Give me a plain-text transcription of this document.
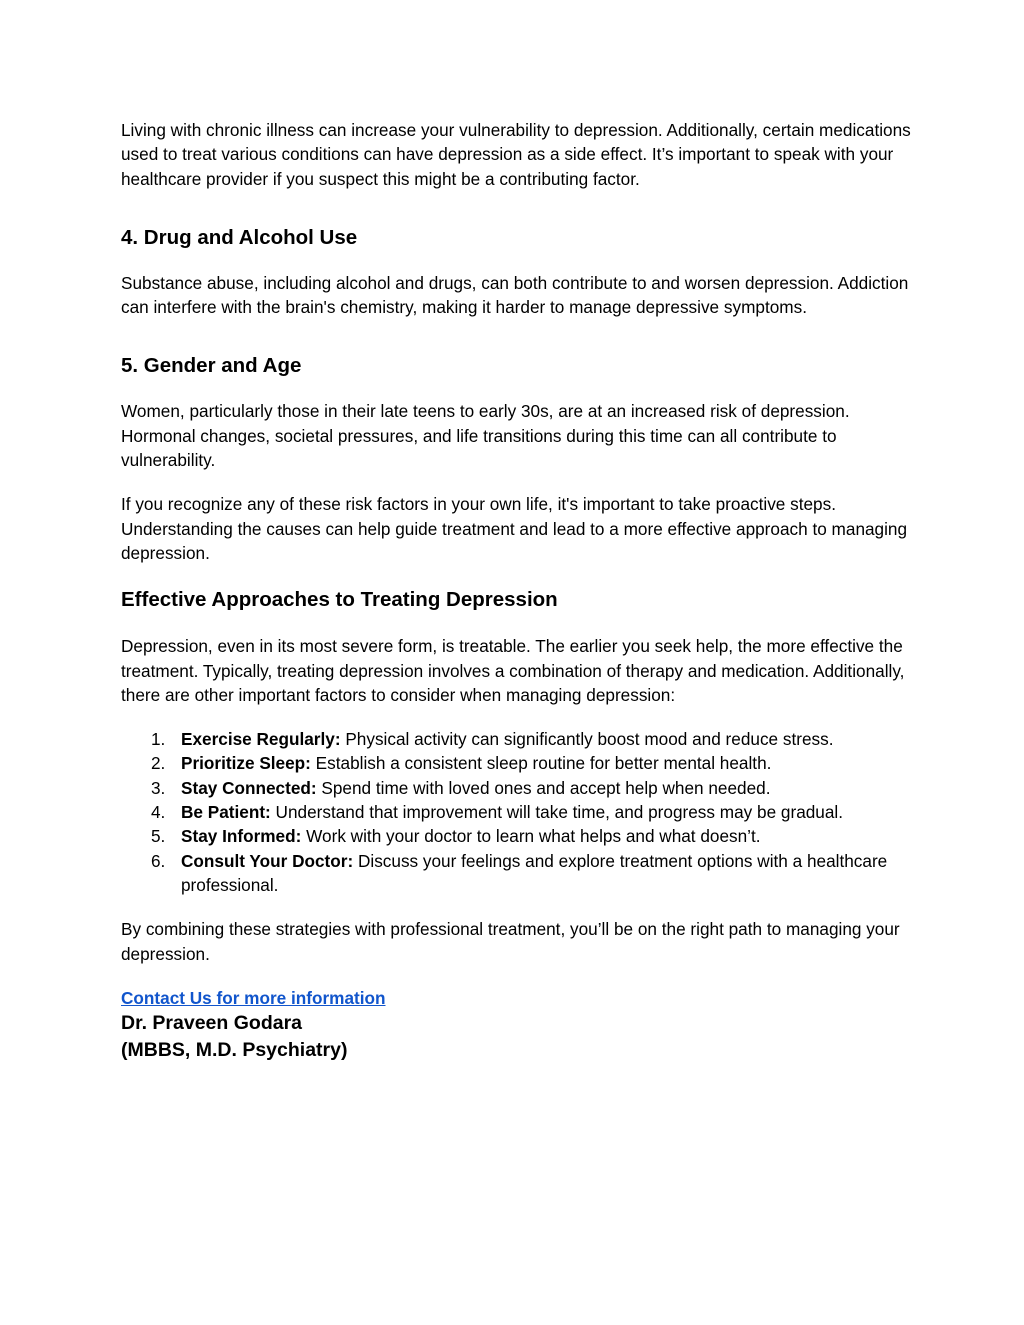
Living with chronic illness can increase your vulnerability to depression. Additionally, certain medications used to treat various conditions can have depression as a side effect. It’s important to speak with your healthcare provider if you suspect this might be a contributing factor.

4. Drug and Alcohol Use

Substance abuse, including alcohol and drugs, can both contribute to and worsen depression. Addiction can interfere with the brain's chemistry, making it harder to manage depressive symptoms.

5. Gender and Age

Women, particularly those in their late teens to early 30s, are at an increased risk of depression. Hormonal changes, societal pressures, and life transitions during this time can all contribute to vulnerability.

If you recognize any of these risk factors in your own life, it's important to take proactive steps. Understanding the causes can help guide treatment and lead to a more effective approach to managing depression.

Effective Approaches to Treating Depression

Depression, even in its most severe form, is treatable. The earlier you seek help, the more effective the treatment. Typically, treating depression involves a combination of therapy and medication. Additionally, there are other important factors to consider when managing depression:

1. Exercise Regularly: Physical activity can significantly boost mood and reduce stress.
2. Prioritize Sleep: Establish a consistent sleep routine for better mental health.
3. Stay Connected: Spend time with loved ones and accept help when needed.
4. Be Patient: Understand that improvement will take time, and progress may be gradual.
5. Stay Informed: Work with your doctor to learn what helps and what doesn’t.
6. Consult Your Doctor: Discuss your feelings and explore treatment options with a healthcare professional.

By combining these strategies with professional treatment, you’ll be on the right path to managing your depression.

Contact Us for more information
Dr. Praveen Godara
(MBBS, M.D. Psychiatry)
